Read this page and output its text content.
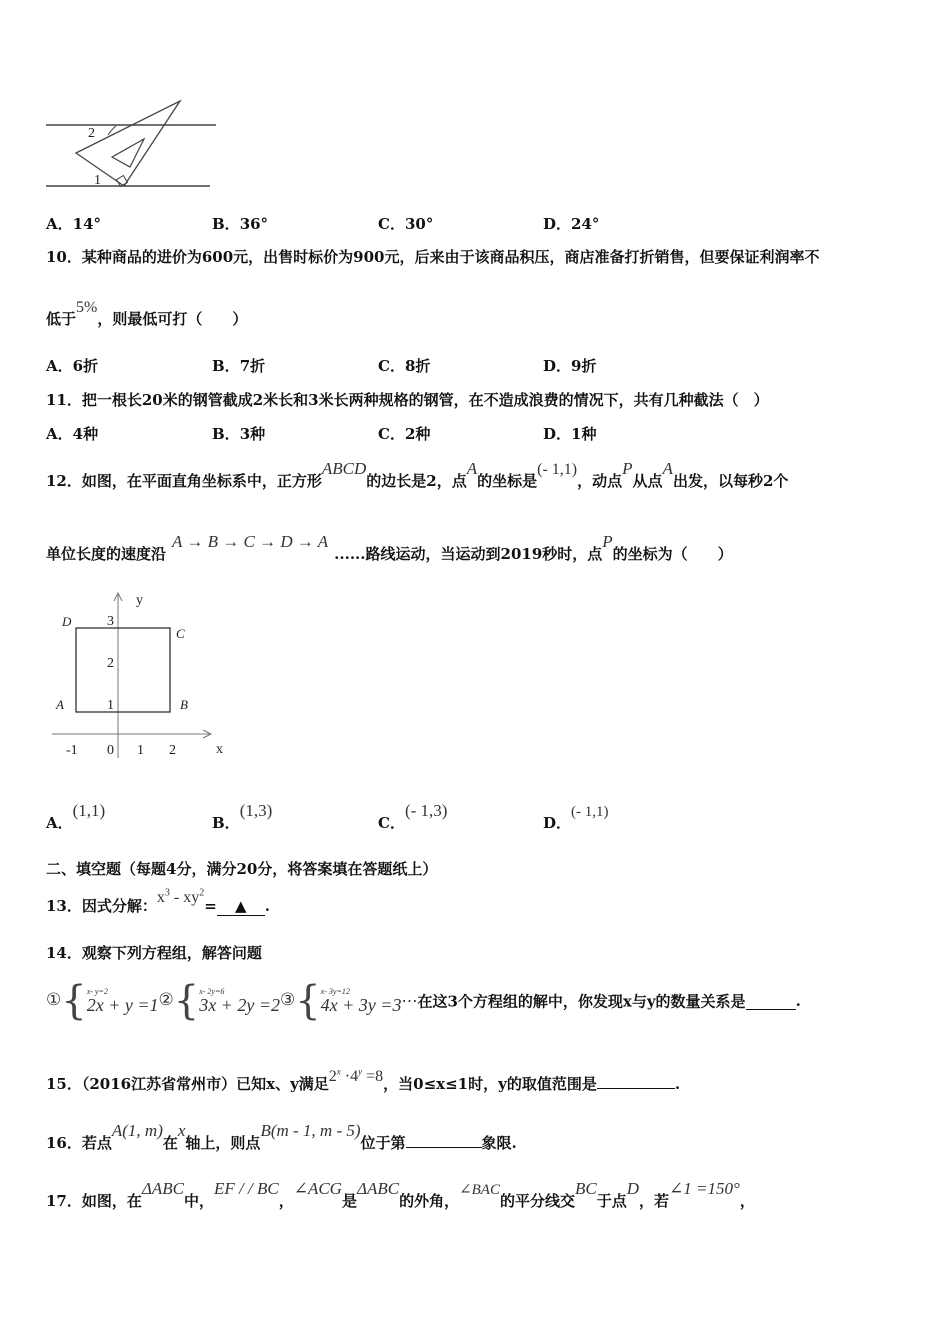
2
1
A．14°	B．36°	C．30°	D．24°
10．某种商品的进价为600元，出售时标价为900元，后来由于该商品积压，商店准备打折销售，但要保证利润率不
低于5%，则最低可打（　　）
A．6折	B．7折	C．8折	D．9折
11．把一根长20米的钢管截成2米长和3米长两种规格的钢管，在不造成浪费的情况下，共有几种截法（　）
A．4种	B．3种	C．2种	D．1种
12．如图，在平面直角坐标系中，正方形ABCD的边长是2，点A的坐标是(- 1,1)，动点P从点A出发，以每秒2个
单位长度的速度沿A → B → C → D → A......路线运动，当运动到2019秒时，点P的坐标为（　　）
y
x
D
C
A	B
3
2
1
-1 0 1 2
A．(1,1)
B．(1,3)
C．(- 1,3)
D．(- 1,1)
二、填空题（每题4分，满分20分，将答案填在答题纸上）
13．因式分解：$x^3 - xy^2=$ ▲ .
14．观察下列方程组，解答问题
①{ x- y=2
2x + y =1 ②{ x- 2y=6
3x + 2y =2 ③{ x- 3y=12
4x + 3y =3 ⋯在这3个方程组的解中，你发现x与y的数量关系是	.
15．（2016江苏省常州市）已知x、y满足$2^x \cdot 4^y =8$，当0≤x≤1时，y的取值范围是	.
16．若点A(1, m)在x轴上，则点B(m - 1, m - 5)位于第	象限.
17．如图，在ΔABC中，EF / / BC，∠ACG是ΔABC的外角，∠BAC的平分线交BC于点D，若∠1 =150°，
